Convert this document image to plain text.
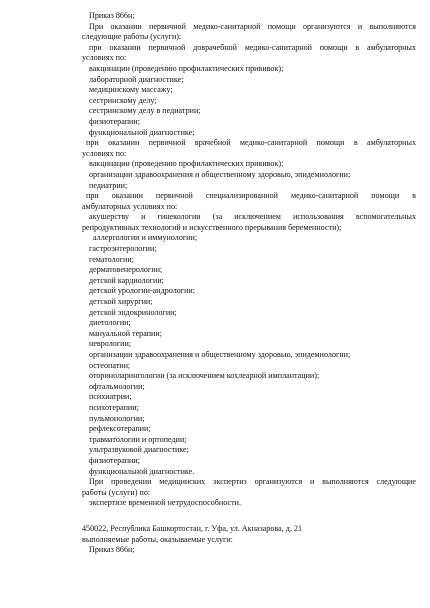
Приказ 866н;
При оказании первичной медико-санитарной помощи организуются и выполняются
следующие работы (услуги):
при оказании первичной доврачебной медико-санитарной помощи в амбулаторных
условиях по:
вакцинации (проведению профилактических прививок);
лабораторной диагностике;
медицинскому массажу;
сестринскому делу;
сестринскому делу в педиатрии;
физиотерапии;
функциональной диагностике;
при оказании первичной врачебной медико-санитарной помощи в амбулаторных
условиях по:
вакцинации (проведению профилактических прививок);
организации здравоохранения и общественному здоровью, эпидемиологии;
педиатрии;
при оказании первичной специализированной медико-санитарной помощи в
амбулаторных условиях по:
акушерству и гинекологии (за исключением использования вспомогательных
репродуктивных технологий и искусственного прерывания беременности);
аллергологии и иммунологии;
гастроэнтерологии;
гематологии;
дерматовенерологии;
детской кардиологии;
детской урологии-андрологии;
детской хирургии;
детской эндокринологии;
диетологии;
мануальной терапии;
неврологии;
организации здравоохранения и общественному здоровью, эпидемиологии;
остеопатии;
оториноларингологии (за исключением кохлеарной имплантации);
офтальмологии;
психиатрии;
психотерапии;
пульмонологии;
рефлексотерапии;
травматологии и ортопедии;
ультразвуковой диагностике;
физиотерапии;
функциональной диагностике.
При проведении медицинских экспертиз организуются и выполняются следующие
работы (услуги) по:
экспертизе временной нетрудоспособности.
450022, Республика Башкортостан, г. Уфа, ул. Акназарова, д. 21
выполняемые работы, оказываемые услуги:
Приказ 866н;
